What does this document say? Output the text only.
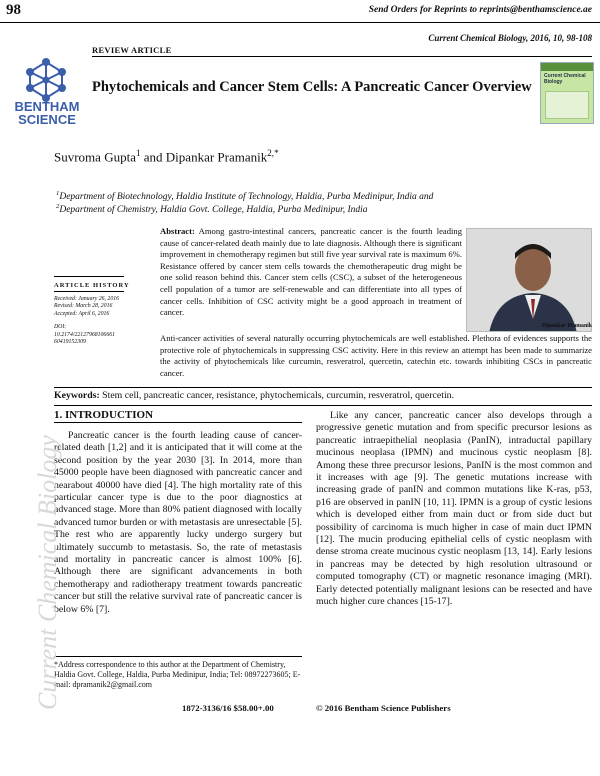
98	Send Orders for Reprints to reprints@benthamscience.ae
Current Chemical Biology, 2016, 10, 98-108
REVIEW ARTICLE
BENTHAM SCIENCE
Current Chemical Biology
Phytochemicals and Cancer Stem Cells: A Pancreatic Cancer Overview
Suvroma Gupta$^1$ and Dipankar Pramanik$^{2,*}$
$^1$Department of Biotechnology, Haldia Institute of Technology, Haldia, Purba Medinipur, India and
$^2$Department of Chemistry, Haldia Govt. College, Haldia, Purba Medinipur, India
ARTICLE HISTORY
Received: January 26, 2016
Revised: March 28, 2016
Accepted: April 6, 2016
DOI:
10.2174/2212796810666160419152309
Abstract: Among gastro-intestinal cancers, pancreatic cancer is the fourth leading cause of cancer-related death mainly due to late diagnosis. Although there is significant improvement in chemotherapy regimen but still five year survival rate is maximum 6%. Resistance offered by cancer stem cells towards the chemotherapeutic drug might be one solid reason behind this. Cancer stem cells (CSC), a subset of the heterogeneous cell population of a tumor are self-renewable and can differentiate into all types of cancer cells. Inhibition of CSC activity might be a good approach in treatment of cancer.
Anti-cancer activities of several naturally occurring phytochemicals are well established. Plethora of evidences supports the protective role of phytochemicals in suppressing CSC activity. Here in this review an attempt has been made to summarize the activity of phytochemicals like curcumin, resveratrol, quercetin, catechin etc. towards inhibiting CSCs in pancreatic cancer.
Dipankar Pramanik
Keywords: Stem cell, pancreatic cancer, resistance, phytochemicals, curcumin, resveratrol, quercetin.
1. INTRODUCTION
Pancreatic cancer is the fourth leading cause of cancer-related death [1,2] and it is anticipated that it will come at the second position by the year 2030 [3]. In 2014, more than 45000 people have been diagnosed with pancreatic cancer and nearabout 40000 have died [4]. The high mortality rate of this particular cancer type is due to the poor diagnostics at advanced stage. More than 80% patient diagnosed with locally advanced tumor burden or with metastasis are unresectable [5]. The rest who are apparently lucky undergo surgery but ultimately succumb to metastasis. So, the rate of metastasis and mortality in pancreatic cancer is almost 100% [6]. Although there are significant advancements in both chemotherapy and radiotherapy treatment towards pancreatic cancer but still the relative survival rate of pancreatic cancer is below 6% [7].
Like any cancer, pancreatic cancer also develops through a progressive genetic mutation and from specific precursor lesions as pancreatic intraepithelial neoplasia (PanIN), intraductal papillary mucinous neoplasa (IPMN) and mucinous cystic neoplasm [8]. Among these three precursor lesions, PanIN is the most common and it increases with age [9]. The genetic mutations increase with increasing grade of panIN and common mutations like K-ras, p53, p16 are observed in panIN [10, 11]. IPMN is a group of cystic lesions which is developed either from main duct or from side duct but possibility of carcinoma is much higher in case of main duct IPMN [12]. The mucin producing epithelial cells of cystic neoplasm with dense stroma create mucinous cystic neoplasm [13, 14]. Early lesions in pancreas may be detected by high resolution ultrasound or computed tomography (CT) or magnetic resonance imaging (MRI). Early detected potentially malignant lesions can be resected and have much higher cure chances [15-17].
*Address correspondence to this author at the Department of Chemistry, Haldia Govt. College, Haldia, Purba Medinipur, India; Tel: 08972273605; E-mail: dpramanik2@gmail.com
1872-3136/16 $58.00+.00	© 2016 Bentham Science Publishers
Current Chemical Biology
